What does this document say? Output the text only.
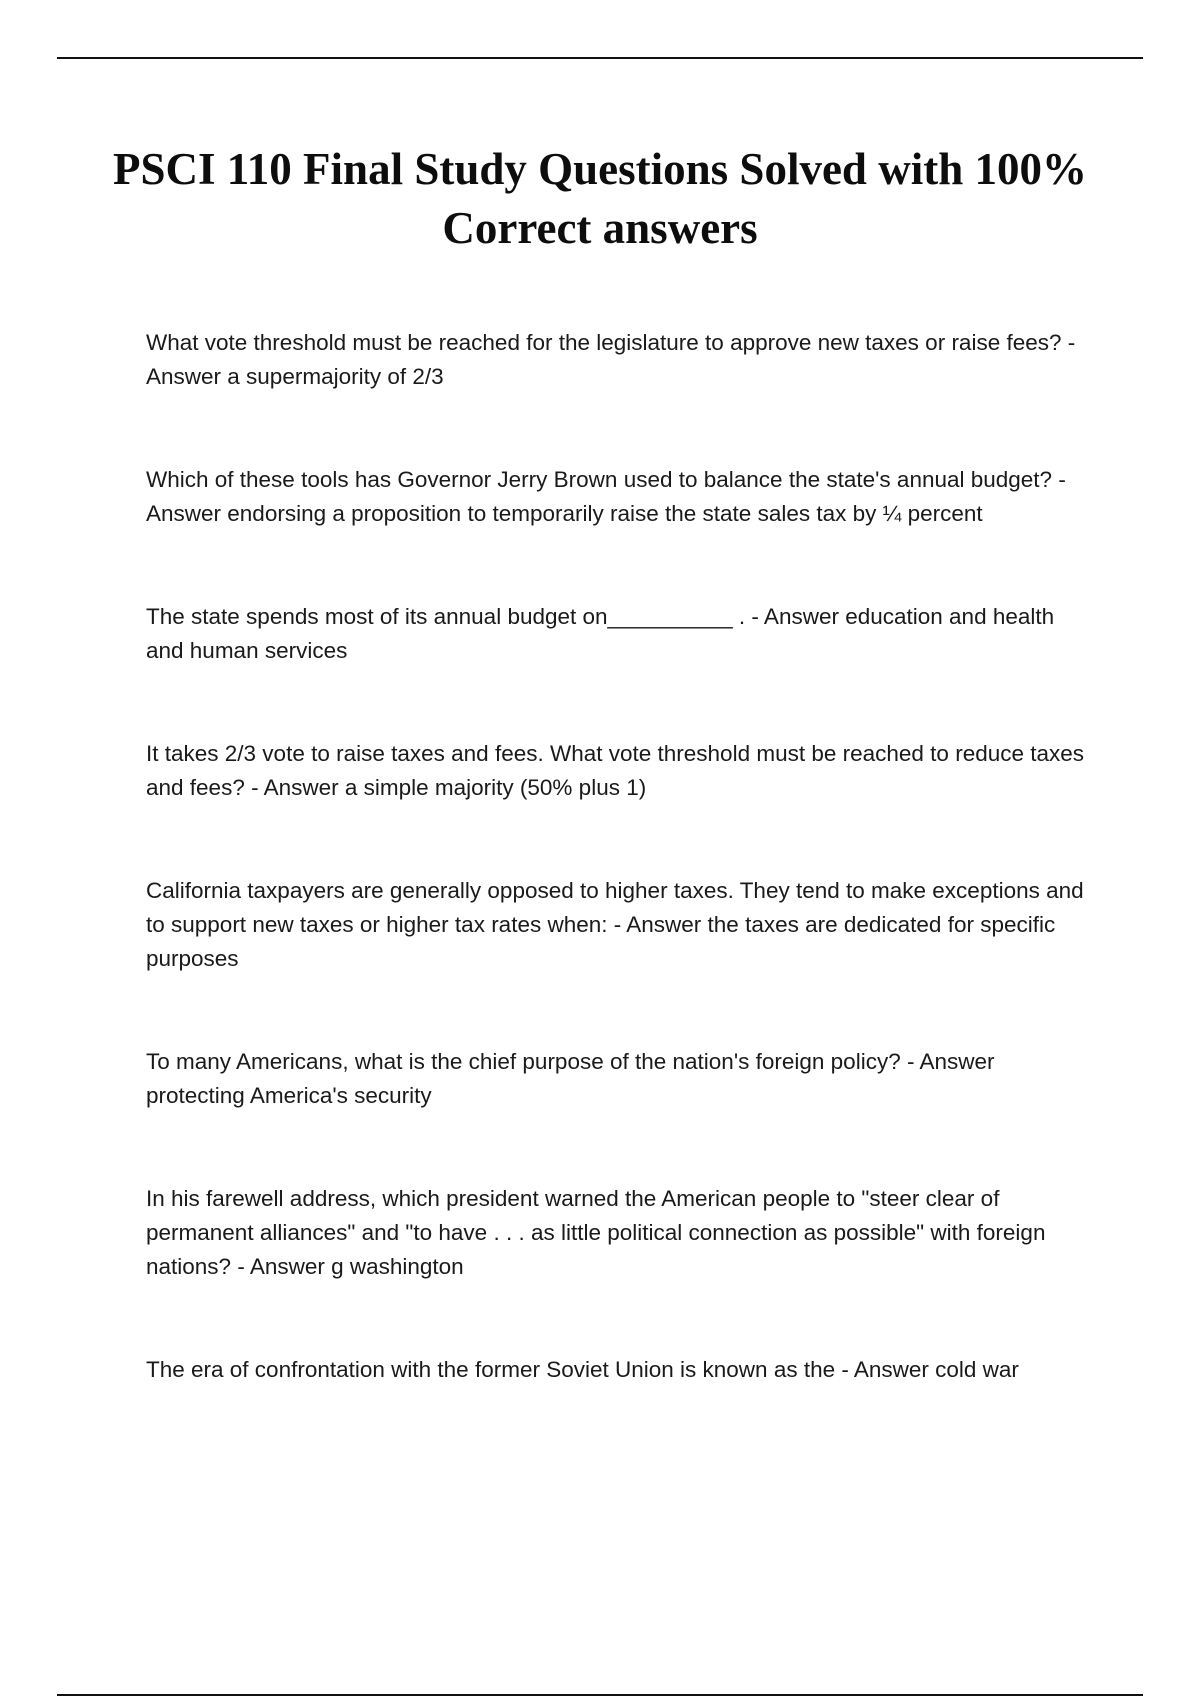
PSCI 110 Final Study Questions Solved with 100% Correct answers
What vote threshold must be reached for the legislature to approve new taxes or raise fees? - Answer a supermajority of 2/3
Which of these tools has Governor Jerry Brown used to balance the state's annual budget? - Answer endorsing a proposition to temporarily raise the state sales tax by ¼ percent
The state spends most of its annual budget on__________ . - Answer education and health and human services
It takes 2/3 vote to raise taxes and fees. What vote threshold must be reached to reduce taxes and fees? - Answer a simple majority (50% plus 1)
California taxpayers are generally opposed to higher taxes. They tend to make exceptions and to support new taxes or higher tax rates when: - Answer the taxes are dedicated for specific purposes
To many Americans, what is the chief purpose of the nation's foreign policy? - Answer protecting America's security
In his farewell address, which president warned the American people to "steer clear of permanent alliances" and "to have . . . as little political connection as possible" with foreign nations? - Answer g washington
The era of confrontation with the former Soviet Union is known as the - Answer cold war
